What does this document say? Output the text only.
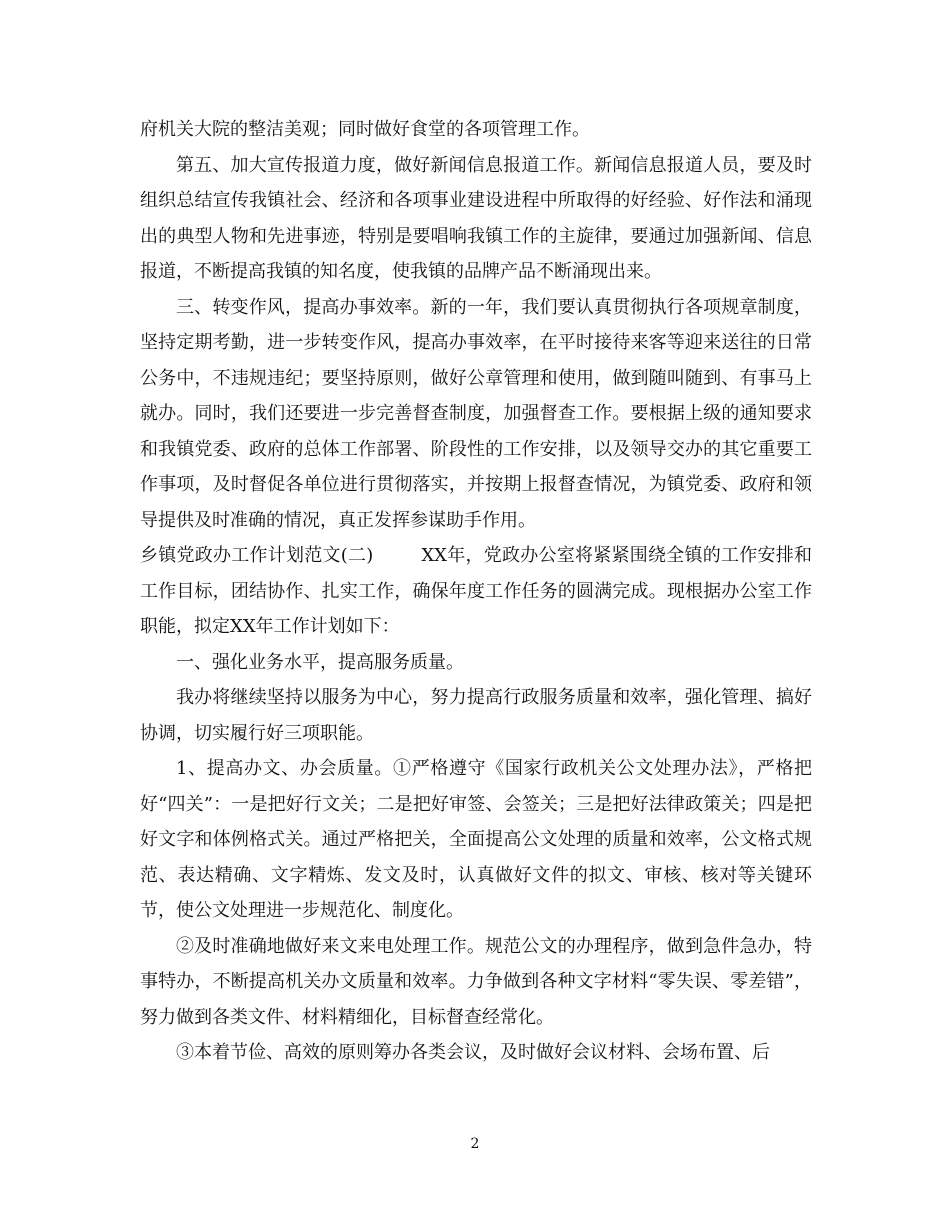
府机关大院的整洁美观；同时做好食堂的各项管理工作。

第五、加大宣传报道力度，做好新闻信息报道工作。新闻信息报道人员，要及时组织总结宣传我镇社会、经济和各项事业建设进程中所取得的好经验、好作法和涌现出的典型人物和先进事迹，特别是要唱响我镇工作的主旋律，要通过加强新闻、信息报道，不断提高我镇的知名度，使我镇的品牌产品不断涌现出来。

三、转变作风，提高办事效率。新的一年，我们要认真贯彻执行各项规章制度，坚持定期考勤，进一步转变作风，提高办事效率，在平时接待来客等迎来送往的日常公务中，不违规违纪；要坚持原则，做好公章管理和使用，做到随叫随到、有事马上就办。同时，我们还要进一步完善督查制度，加强督查工作。要根据上级的通知要求和我镇党委、政府的总体工作部署、阶段性的工作安排，以及领导交办的其它重要工作事项，及时督促各单位进行贯彻落实，并按期上报督查情况，为镇党委、政府和领导提供及时准确的情况，真正发挥参谋助手作用。

乡镇党政办工作计划范文(二)	XX年，党政办公室将紧紧围绕全镇的工作安排和工作目标，团结协作、扎实工作，确保年度工作任务的圆满完成。现根据办公室工作职能，拟定XX年工作计划如下：

一、强化业务水平，提高服务质量。

我办将继续坚持以服务为中心，努力提高行政服务质量和效率，强化管理、搞好协调，切实履行好三项职能。

1、提高办文、办会质量。①严格遵守《国家行政机关公文处理办法》，严格把好“四关”：一是把好行文关；二是把好审签、会签关；三是把好法律政策关；四是把好文字和体例格式关。通过严格把关，全面提高公文处理的质量和效率，公文格式规范、表达精确、文字精炼、发文及时，认真做好文件的拟文、审核、核对等关键环节，使公文处理进一步规范化、制度化。

②及时准确地做好来文来电处理工作。规范公文的办理程序，做到急件急办，特事特办，不断提高机关办文质量和效率。力争做到各种文字材料“零失误、零差错”，努力做到各类文件、材料精细化，目标督查经常化。

③本着节俭、高效的原则筹办各类会议，及时做好会议材料、会场布置、后

2
